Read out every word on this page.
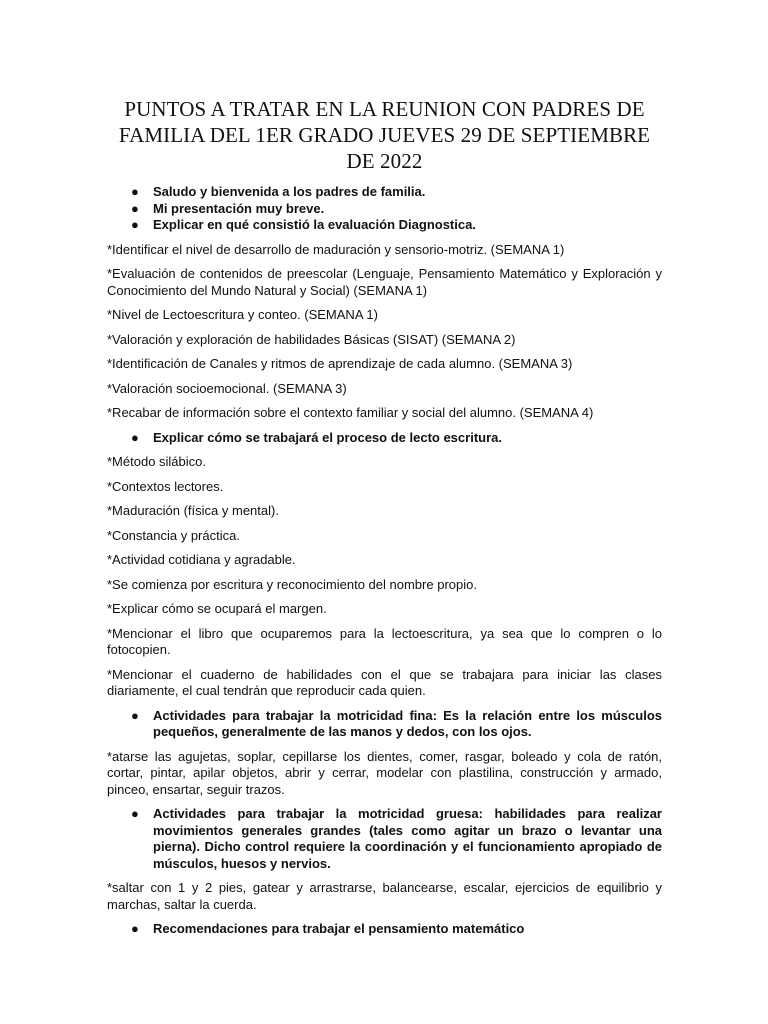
PUNTOS A TRATAR EN LA REUNION CON PADRES DE FAMILIA DEL 1ER GRADO JUEVES 29 DE SEPTIEMBRE DE 2022
● Saludo y bienvenida a los padres de familia.
● Mi presentación muy breve.
● Explicar en qué consistió la evaluación Diagnostica.

*Identificar el nivel de desarrollo de maduración y sensorio-motriz. (SEMANA 1)

*Evaluación de contenidos de preescolar (Lenguaje, Pensamiento Matemático y Exploración y Conocimiento del Mundo Natural y Social) (SEMANA 1)

*Nivel de Lectoescritura y conteo. (SEMANA 1)

*Valoración y exploración de habilidades Básicas (SISAT) (SEMANA 2)

*Identificación de Canales y ritmos de aprendizaje de cada alumno. (SEMANA 3)

*Valoración socioemocional. (SEMANA 3)

*Recabar de información sobre el contexto familiar y social del alumno. (SEMANA 4)

● Explicar cómo se trabajará el proceso de lecto escritura.

*Método silábico.

*Contextos lectores.

*Maduración (física y mental).

*Constancia y práctica.

*Actividad cotidiana y agradable.

*Se comienza por escritura y reconocimiento del nombre propio.

*Explicar cómo se ocupará el margen.

*Mencionar el libro que ocuparemos para la lectoescritura, ya sea que lo compren o lo fotocopien.

*Mencionar el cuaderno de habilidades con el que se trabajara para iniciar las clases diariamente, el cual tendrán que reproducir cada quien.

● Actividades para trabajar la motricidad fina: Es la relación entre los músculos pequeños, generalmente de las manos y dedos, con los ojos.

*atarse las agujetas, soplar, cepillarse los dientes, comer, rasgar, boleado y cola de ratón, cortar, pintar, apilar objetos, abrir y cerrar, modelar con plastilina, construcción y armado, pinceo, ensartar, seguir trazos.

● Actividades para trabajar la motricidad gruesa: habilidades para realizar movimientos generales grandes (tales como agitar un brazo o levantar una pierna). Dicho control requiere la coordinación y el funcionamiento apropiado de músculos, huesos y nervios.

*saltar con 1 y 2 pies, gatear y arrastrarse, balancearse, escalar, ejercicios de equilibrio y marchas, saltar la cuerda.

● Recomendaciones para trabajar el pensamiento matemático
